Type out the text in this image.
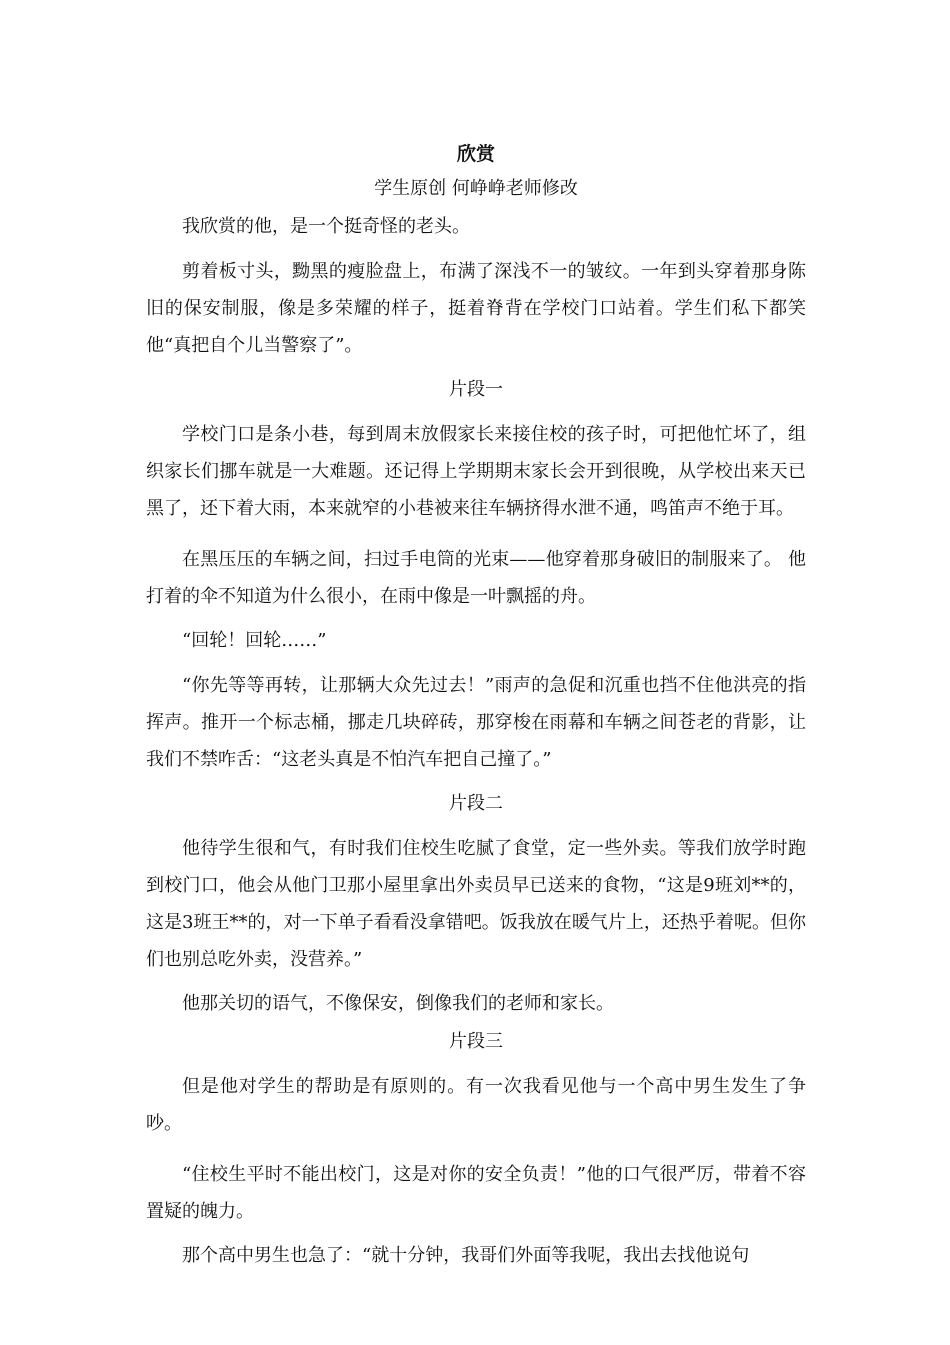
欣赏
学生原创 何峥峥老师修改

我欣赏的他，是一个挺奇怪的老头。

剪着板寸头，黝黑的瘦脸盘上，布满了深浅不一的皱纹。一年到头穿着那身陈旧的保安制服，像是多荣耀的样子，挺着脊背在学校门口站着。学生们私下都笑他“真把自个儿当警察了”。

片段一

学校门口是条小巷，每到周末放假家长来接住校的孩子时，可把他忙坏了，组织家长们挪车就是一大难题。还记得上学期期末家长会开到很晚，从学校出来天已黑了，还下着大雨，本来就窄的小巷被来往车辆挤得水泄不通，鸣笛声不绝于耳。

在黑压压的车辆之间，扫过手电筒的光束——他穿着那身破旧的制服来了。 他打着的伞不知道为什么很小，在雨中像是一叶飘摇的舟。

“回轮！回轮……”

“你先等等再转，让那辆大众先过去！”雨声的急促和沉重也挡不住他洪亮的指挥声。推开一个标志桶，挪走几块碎砖，那穿梭在雨幕和车辆之间苍老的背影，让我们不禁咋舌：“这老头真是不怕汽车把自己撞了。”

片段二

他待学生很和气，有时我们住校生吃腻了食堂，定一些外卖。等我们放学时跑到校门口，他会从他门卫那小屋里拿出外卖员早已送来的食物，“这是9班刘**的，这是3班王**的，对一下单子看看没拿错吧。饭我放在暖气片上，还热乎着呢。但你们也别总吃外卖，没营养。”

他那关切的语气，不像保安，倒像我们的老师和家长。

片段三

但是他对学生的帮助是有原则的。有一次我看见他与一个高中男生发生了争吵。

“住校生平时不能出校门，这是对你的安全负责！”他的口气很严厉，带着不容置疑的魄力。

那个高中男生也急了：“就十分钟，我哥们外面等我呢，我出去找他说句
